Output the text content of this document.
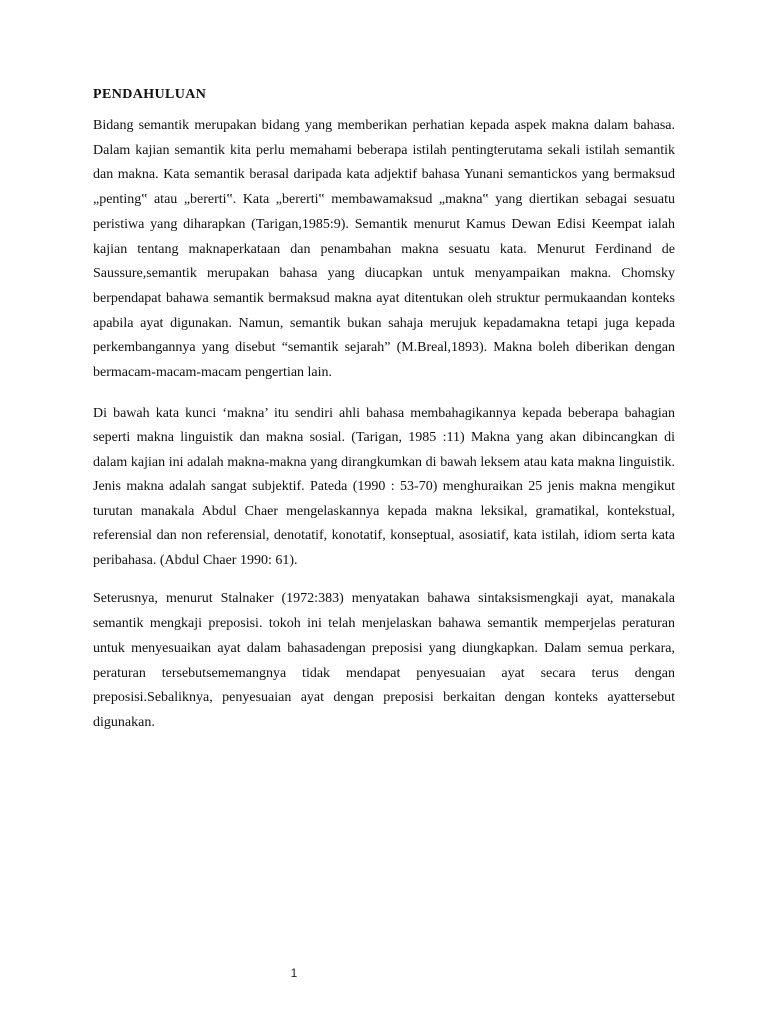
PENDAHULUAN

Bidang semantik merupakan bidang yang memberikan perhatian kepada aspek makna dalam bahasa. Dalam kajian semantik kita perlu memahami beberapa istilah pentingterutama sekali istilah semantik dan makna. Kata semantik berasal daripada kata adjektif bahasa Yunani semantickos yang bermaksud „penting‟ atau „bererti‟. Kata „bererti‟ membawamaksud „makna‟ yang diertikan sebagai sesuatu peristiwa yang diharapkan (Tarigan,1985:9). Semantik menurut Kamus Dewan Edisi Keempat ialah kajian tentang maknaperkataan dan penambahan makna sesuatu kata. Menurut Ferdinand de Saussure,semantik merupakan bahasa yang diucapkan untuk menyampaikan makna. Chomsky berpendapat bahawa semantik bermaksud makna ayat ditentukan oleh struktur permukaandan konteks apabila ayat digunakan. Namun, semantik bukan sahaja merujuk kepadamakna tetapi juga kepada perkembangannya yang disebut “semantik sejarah” (M.Breal,1893). Makna boleh diberikan dengan bermacam-macam-macam pengertian lain.

Di bawah kata kunci ‘makna’ itu sendiri ahli bahasa membahagikannya kepada beberapa bahagian seperti makna linguistik dan makna sosial. (Tarigan, 1985 :11) Makna yang akan dibincangkan di dalam kajian ini adalah makna-makna yang dirangkumkan di bawah leksem atau kata makna linguistik. Jenis makna adalah sangat subjektif. Pateda (1990 : 53-70) menghuraikan 25 jenis makna mengikut turutan manakala Abdul Chaer mengelaskannya kepada makna leksikal, gramatikal, kontekstual, referensial dan non referensial, denotatif, konotatif, konseptual, asosiatif, kata istilah, idiom serta kata peribahasa. (Abdul Chaer 1990: 61).

Seterusnya, menurut Stalnaker (1972:383) menyatakan bahawa sintaksismengkaji ayat, manakala semantik mengkaji preposisi. tokoh ini telah menjelaskan bahawa semantik memperjelas peraturan untuk menyesuaikan ayat dalam bahasadengan preposisi yang diungkapkan. Dalam semua perkara, peraturan tersebutsememangnya tidak mendapat penyesuaian ayat secara terus dengan preposisi.Sebaliknya, penyesuaian ayat dengan preposisi berkaitan dengan konteks ayattersebut digunakan.

1
